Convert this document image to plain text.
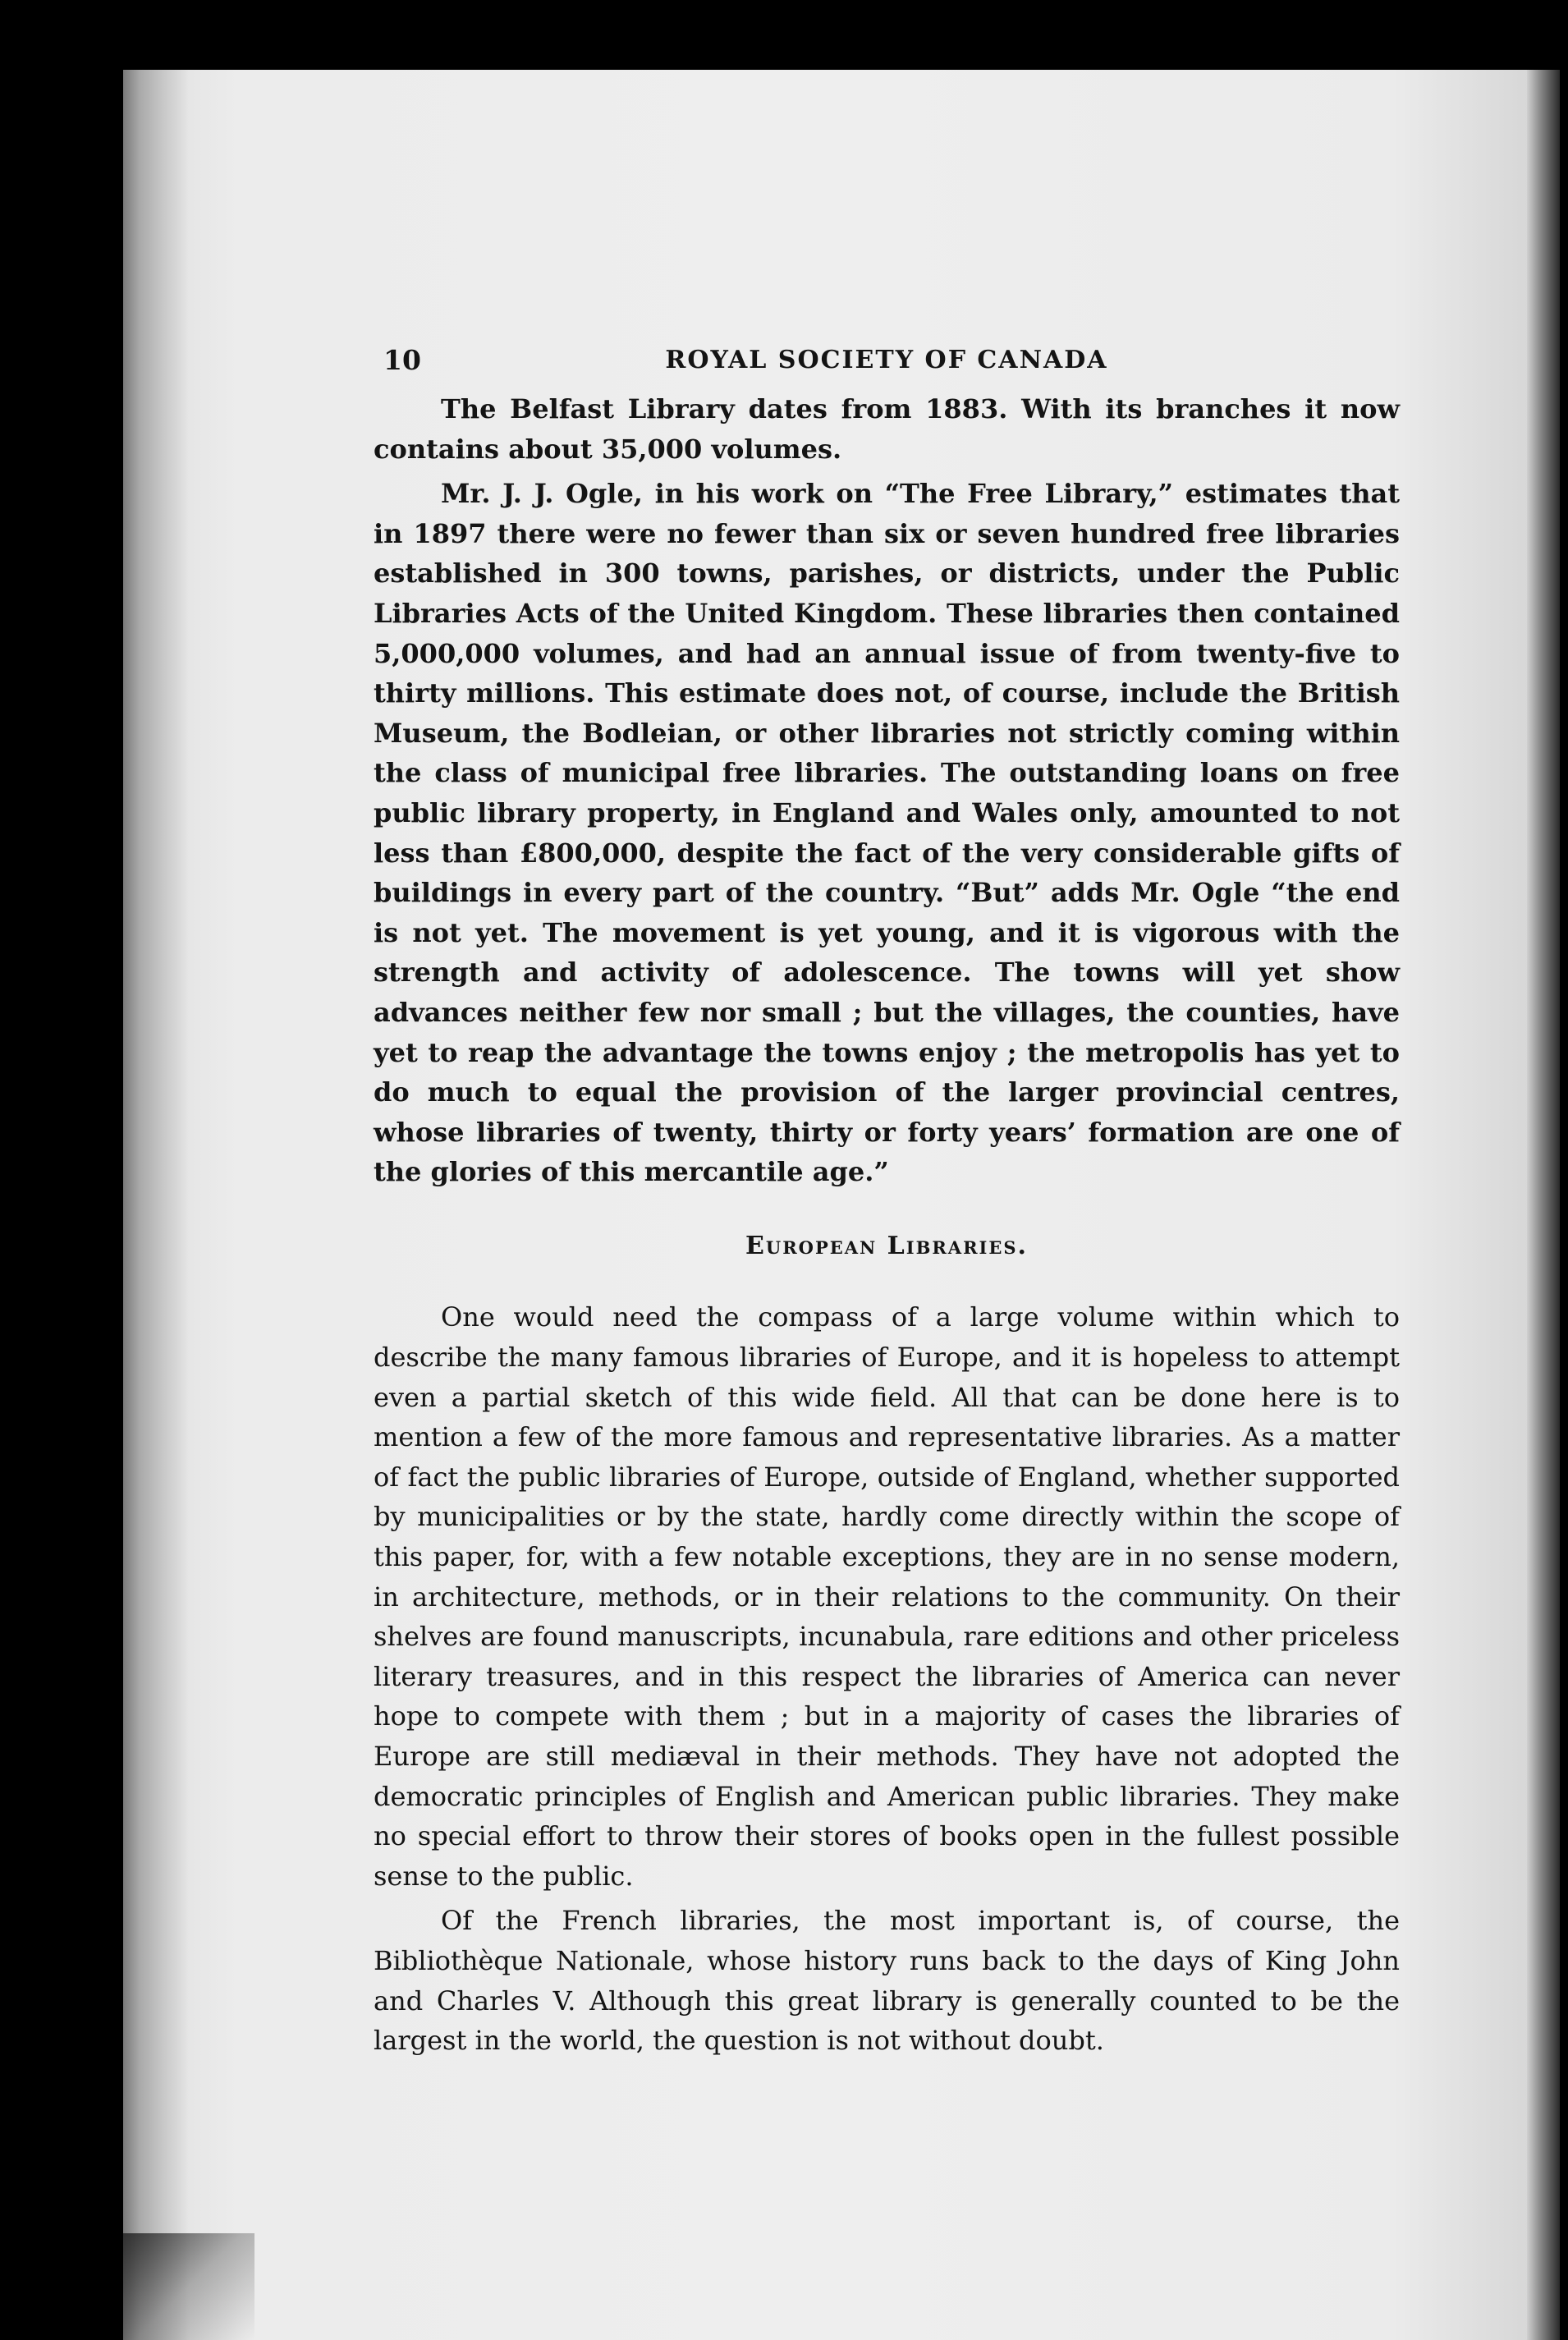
10	ROYAL SOCIETY OF CANADA

The Belfast Library dates from 1883. With its branches it now contains about 35,000 volumes.

Mr. J. J. Ogle, in his work on “The Free Library,” estimates that in 1897 there were no fewer than six or seven hundred free libraries established in 300 towns, parishes, or districts, under the Public Libraries Acts of the United Kingdom. These libraries then contained 5,000,000 volumes, and had an annual issue of from twenty-five to thirty millions. This estimate does not, of course, include the British Museum, the Bodleian, or other libraries not strictly coming within the class of municipal free libraries. The outstanding loans on free public library property, in England and Wales only, amounted to not less than £800,000, despite the fact of the very considerable gifts of buildings in every part of the country. “But” adds Mr. Ogle “the end is not yet. The movement is yet young, and it is vigorous with the strength and activity of adolescence. The towns will yet show advances neither few nor small ; but the villages, the counties, have yet to reap the advantage the towns enjoy ; the metropolis has yet to do much to equal the provision of the larger provincial centres, whose libraries of twenty, thirty or forty years’ formation are one of the glories of this mercantile age.”

European Libraries.

One would need the compass of a large volume within which to describe the many famous libraries of Europe, and it is hopeless to attempt even a partial sketch of this wide field. All that can be done here is to mention a few of the more famous and representative libraries. As a matter of fact the public libraries of Europe, outside of England, whether supported by municipalities or by the state, hardly come directly within the scope of this paper, for, with a few notable exceptions, they are in no sense modern, in architecture, methods, or in their relations to the community. On their shelves are found manuscripts, incunabula, rare editions and other priceless literary treasures, and in this respect the libraries of America can never hope to compete with them ; but in a majority of cases the libraries of Europe are still mediæval in their methods. They have not adopted the democratic principles of English and American public libraries. They make no special effort to throw their stores of books open in the fullest possible sense to the public.

Of the French libraries, the most important is, of course, the Bibliothèque Nationale, whose history runs back to the days of King John and Charles V. Although this great library is generally counted to be the largest in the world, the question is not without doubt.
